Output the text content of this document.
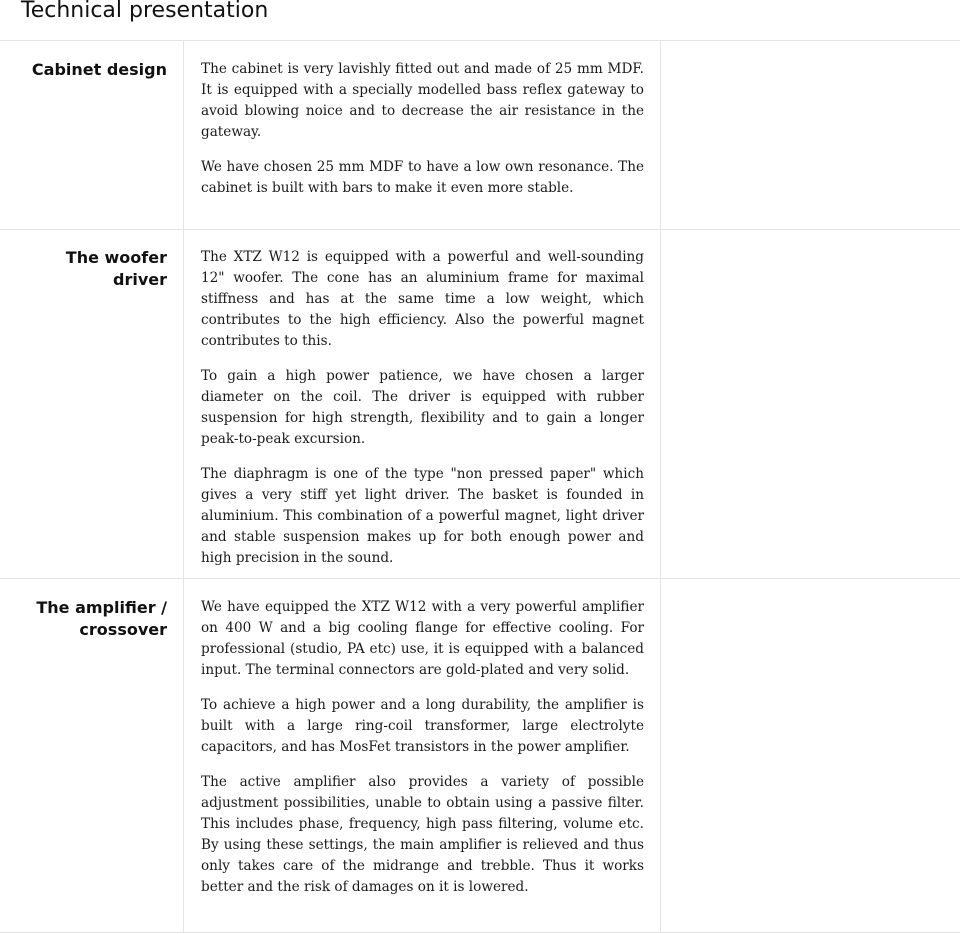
Technical presentation
Cabinet design	The cabinet is very lavishly fitted out and made of 25 mm MDF. It is equipped with a specially modelled bass reflex gateway to avoid blowing noice and to decrease the air resistance in the gateway.

We have chosen 25 mm MDF to have a low own resonance. The cabinet is built with bars to make it even more stable.

The woofer driver

The XTZ W12 is equipped with a powerful and well-sounding 12" woofer. The cone has an aluminium frame for maximal stiffness and has at the same time a low weight, which contributes to the high efficiency. Also the powerful magnet contributes to this.

To gain a high power patience, we have chosen a larger diameter on the coil. The driver is equipped with rubber suspension for high strength, flexibility and to gain a longer peak-to-peak excursion.

The diaphragm is one of the type "non pressed paper" which gives a very stiff yet light driver. The basket is founded in aluminium. This combination of a powerful magnet, light driver and stable suspension makes up for both enough power and high precision in the sound.

The amplifier / crossover

We have equipped the XTZ W12 with a very powerful amplifier on 400 W and a big cooling flange for effective cooling. For professional (studio, PA etc) use, it is equipped with a balanced input. The terminal connectors are gold-plated and very solid.

To achieve a high power and a long durability, the amplifier is built with a large ring-coil transformer, large electrolyte capacitors, and has MosFet transistors in the power amplifier.

The active amplifier also provides a variety of possible adjustment possibilities, unable to obtain using a passive filter. This includes phase, frequency, high pass filtering, volume etc. By using these settings, the main amplifier is relieved and thus only takes care of the midrange and trebble. Thus it works better and the risk of damages on it is lowered.
